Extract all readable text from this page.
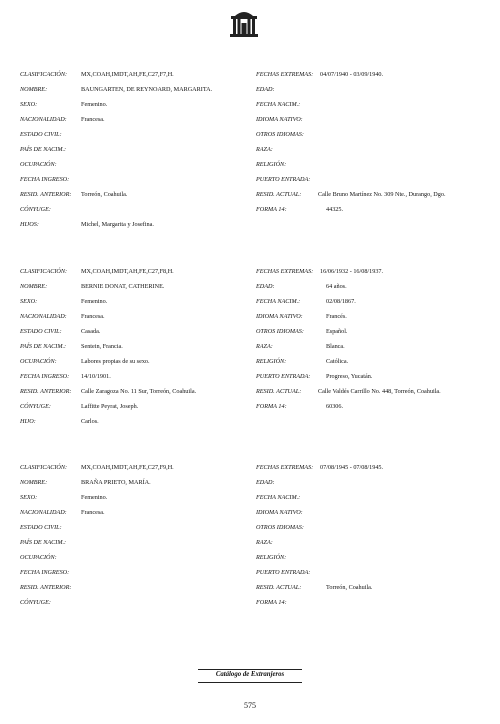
CLASIFICACIÓN: MX,COAH,IMDT,AH,FE,C27,F7,H.
NOMBRE:	BAUNGARTEN, DE REYNOARD, MARGARITA.
SEXO:	Femenino.
NACIONALIDAD: Francesa.
ESTADO CIVIL:
PAÍS DE NACIM.:
OCUPACIÓN:
FECHA INGRESO:
RESID. ANTERIOR: Torreón, Coahuila.
CÓNYUGE:
HIJOS:	Michel, Margarita y Josefina.
FECHAS EXTREMAS: 04/07/1940 - 03/09/1940.
EDAD:
FECHA NACIM.:
IDIOMA NATIVO:
OTROS IDIOMAS:
RAZA:
RELIGIÓN:
PUERTO ENTRADA:
RESID. ACTUAL:	Calle Bruno Martínez No. 309 Nte., Durango, Dgo.
FORMA 14:	44325.
CLASIFICACIÓN: MX,COAH,IMDT,AH,FE,C27,F8,H.
NOMBRE:	BERNIE DONAT, CATHERINE.
SEXO:	Femenino.
NACIONALIDAD: Francesa.
ESTADO CIVIL:	Casada.
PAÍS DE NACIM.: Sentein, Francia.
OCUPACIÓN:	Labores propias de su sexo.
FECHA INGRESO: 14/10/1901.
RESID. ANTERIOR: Calle Zaragoza No. 11 Sur, Torreón, Coahuila.
CÓNYUGE:	Laffitte Peyrat, Joseph.
HIJO:	Carlos.
FECHAS EXTREMAS: 16/06/1932 - 16/08/1937.
EDAD:	64 años.
FECHA NACIM.:	02/08/1867.
IDIOMA NATIVO:	Francés.
OTROS IDIOMAS:	Español.
RAZA:	Blanca.
RELIGIÓN:	Católica.
PUERTO ENTRADA:	Progreso, Yucatán.
RESID. ACTUAL:	Calle Valdés Carrillo No. 448, Torreón, Coahuila.
FORMA 14:	60306.
CLASIFICACIÓN: MX,COAH,IMDT,AH,FE,C27,F9,H.
NOMBRE:	BRAÑA PRIETO, MARÍA.
SEXO:	Femenino.
NACIONALIDAD: Francesa.
ESTADO CIVIL:
PAÍS DE NACIM.:
OCUPACIÓN:
FECHA INGRESO:
RESID. ANTERIOR:
CÓNYUGE:
FECHAS EXTREMAS: 07/08/1945 - 07/08/1945.
EDAD:
FECHA NACIM.:
IDIOMA NATIVO:
OTROS IDIOMAS:
RAZA:
RELIGIÓN:
PUERTO ENTRADA:
RESID. ACTUAL:	Torreón, Coahuila.
FORMA 14:
Catálogo de Extranjeros
575
